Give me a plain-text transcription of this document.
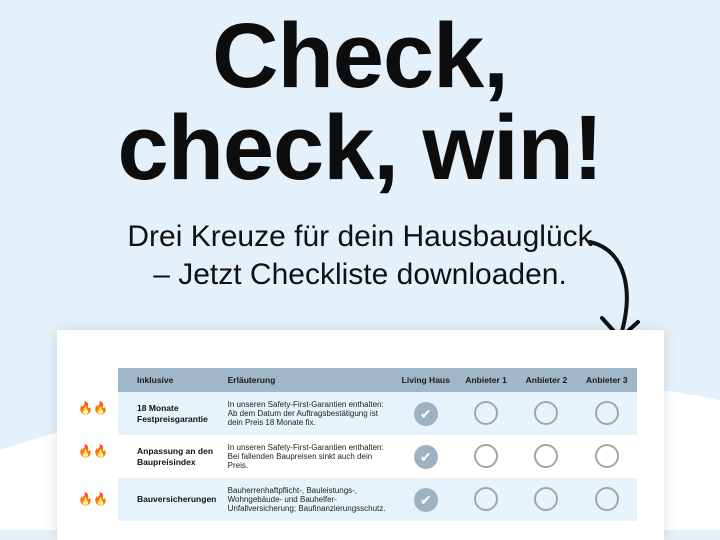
Check,
check, win!
Drei Kreuze für dein Hausbauglück
– Jetzt Checkliste downloaden.
Inklusive	Erläuterung	Living Haus	Anbieter 1	Anbieter 2	Anbieter 3

🔥🔥 18 Monate Festpreisgarantie	In unseren Safety-First-Garantien enthalten: Ab dem Datum der Auftragsbestätigung ist dein Preis 18 Monate fix.	✔			

🔥🔥 Anpassung an den Baupreisindex	In unseren Safety-First-Garantien enthalten: Bei fallenden Baupreisen sinkt auch dein Preis.	✔			

🔥🔥 Bauversicherungen	Bauherrenhaftpflicht-, Bauleistungs-, Wohngebäude- und Bauhelfer-Unfallversicherung; Baufinanzierungsschutz.	✔			
